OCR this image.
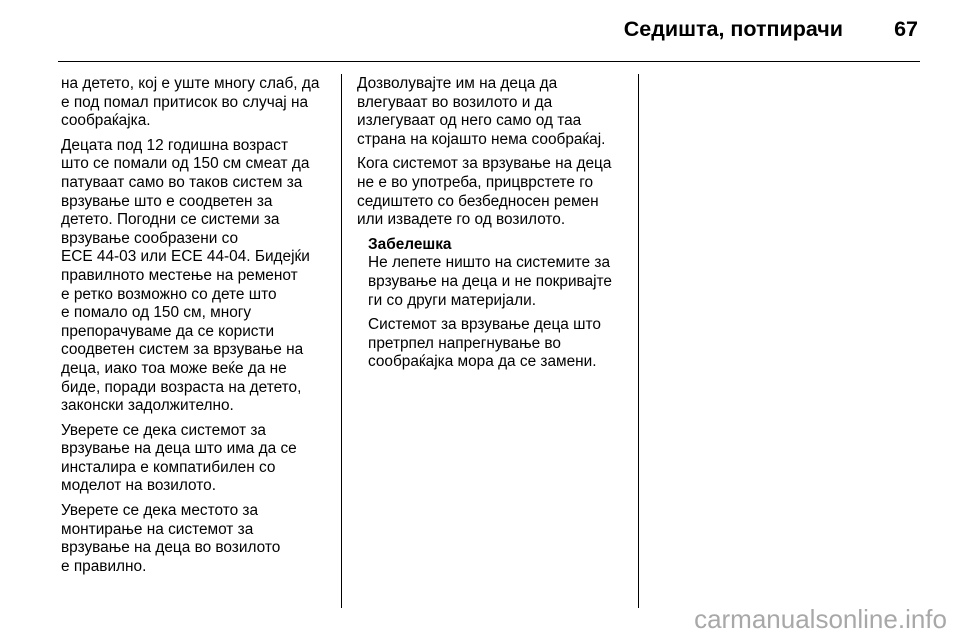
Седишта, потпирачи	67

на детето, кој е уште многу слаб, да
е под помал притисок во случај на
сообраќајка.

Децата под 12 годишна возраст
што се помали од 150 см смеат да
патуваат само во таков систем за
врзување што е соодветен за
детето. Погодни се системи за
врзување сообразени со
ECE 44-03 или ECE 44-04. Бидејќи
правилното местење на ременот
е ретко возможно со дете што
е помало од 150 см, многу
препорачуваме да се користи
соодветен систем за врзување на
деца, иако тоа може веќе да не
биде, поради возраста на детето,
законски задолжително.

Уверете се дека системот за
врзување на деца што има да се
инсталира е компатибилен со
моделот на возилото.

Уверете се дека местото за
монтирање на системот за
врзување на деца во возилото
е правилно.

Дозволувајте им на деца да
влегуваат во возилото и да
излегуваат од него само од таа
страна на којашто нема сообраќај.

Кога системот за врзување на деца
не е во употреба, прицврстете го
седиштето со безбедносен ремен
или извадете го од возилото.

Забелешка

Не лепете ништо на системите за
врзување на деца и не покривајте
ги со други материјали.

Системот за врзување деца што
претрпел напрегнување во
сообраќајка мора да се замени.

carmanualsonline.info
